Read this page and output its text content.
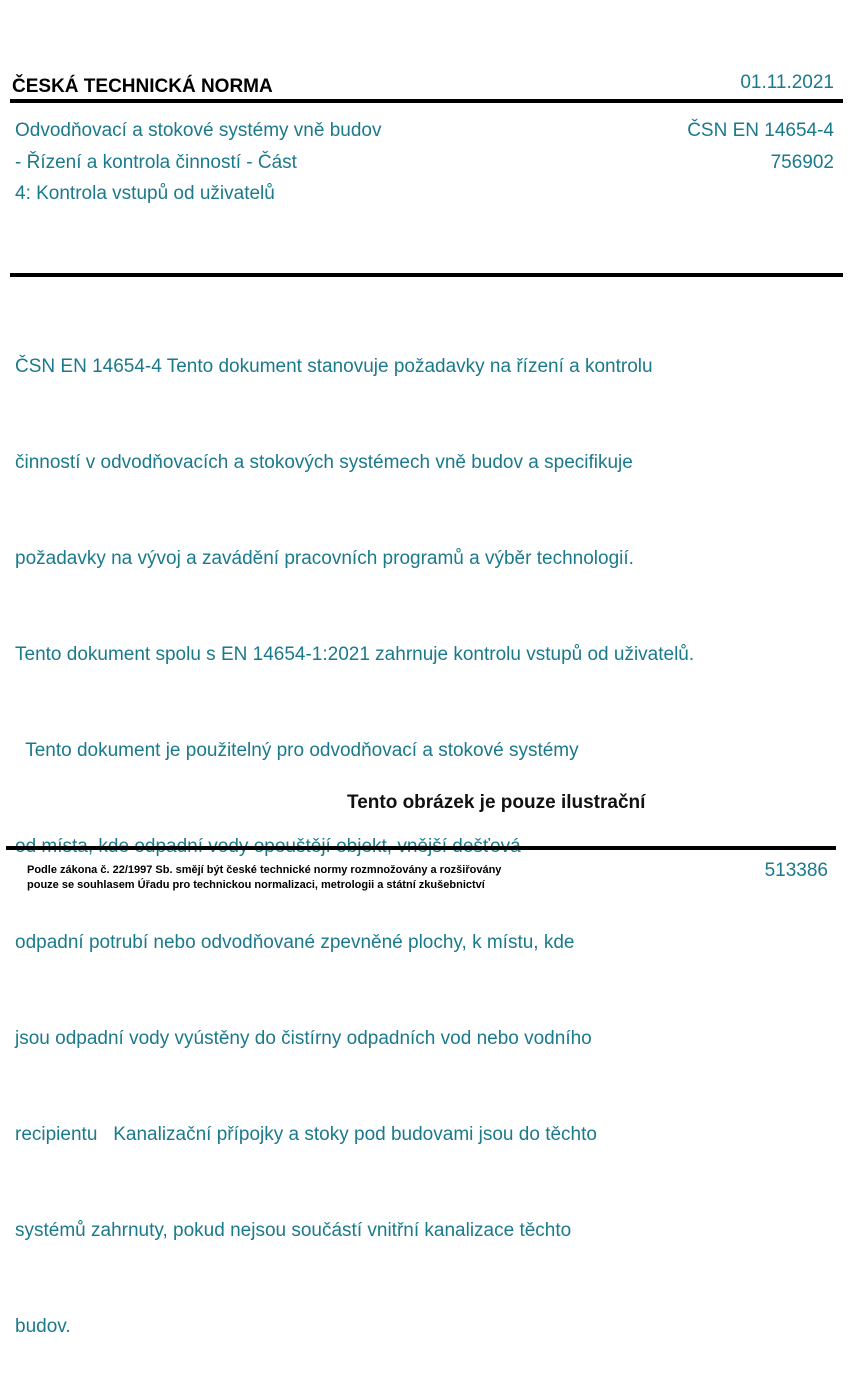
ČESKÁ TECHNICKÁ NORMA	01.11.2021
Odvodňovací a stokové systémy vně budov
- Řízení a kontrola činností - Část
4: Kontrola vstupů od uživatelů
ČSN EN 14654-4
756902

ČSN EN 14654-4 Tento dokument stanovuje požadavky na řízení a kontrolu

činností v odvodňovacích a stokových systémech vně budov a specifikuje

požadavky na vývoj a zavádění pracovních programů a výběr technologií.

Tento dokument spolu s EN 14654-1:2021 zahrnuje kontrolu vstupů od uživatelů.

Tento dokument je použitelný pro odvodňovací a stokové systémy

odpadní potrubí nebo odvodňované zpevněné plochy, k místu, kde

jsou odpadní vody vyústěny do čistírny odpadních vod nebo vodního

recipientu   Kanalizační přípojky a stoky pod budovami jsou do těchto

systémů zahrnuty, pokud nejsou součástí vnitřní kanalizace těchto

budov.

Tento obrázek je pouze ilustrační
Podle zákona č. 22/1997 Sb. smějí být české technické normy rozmnožovány a rozšiřovány
pouze se souhlasem Úřadu pro technickou normalizaci, metrologii a státní zkušebnictví
513386
